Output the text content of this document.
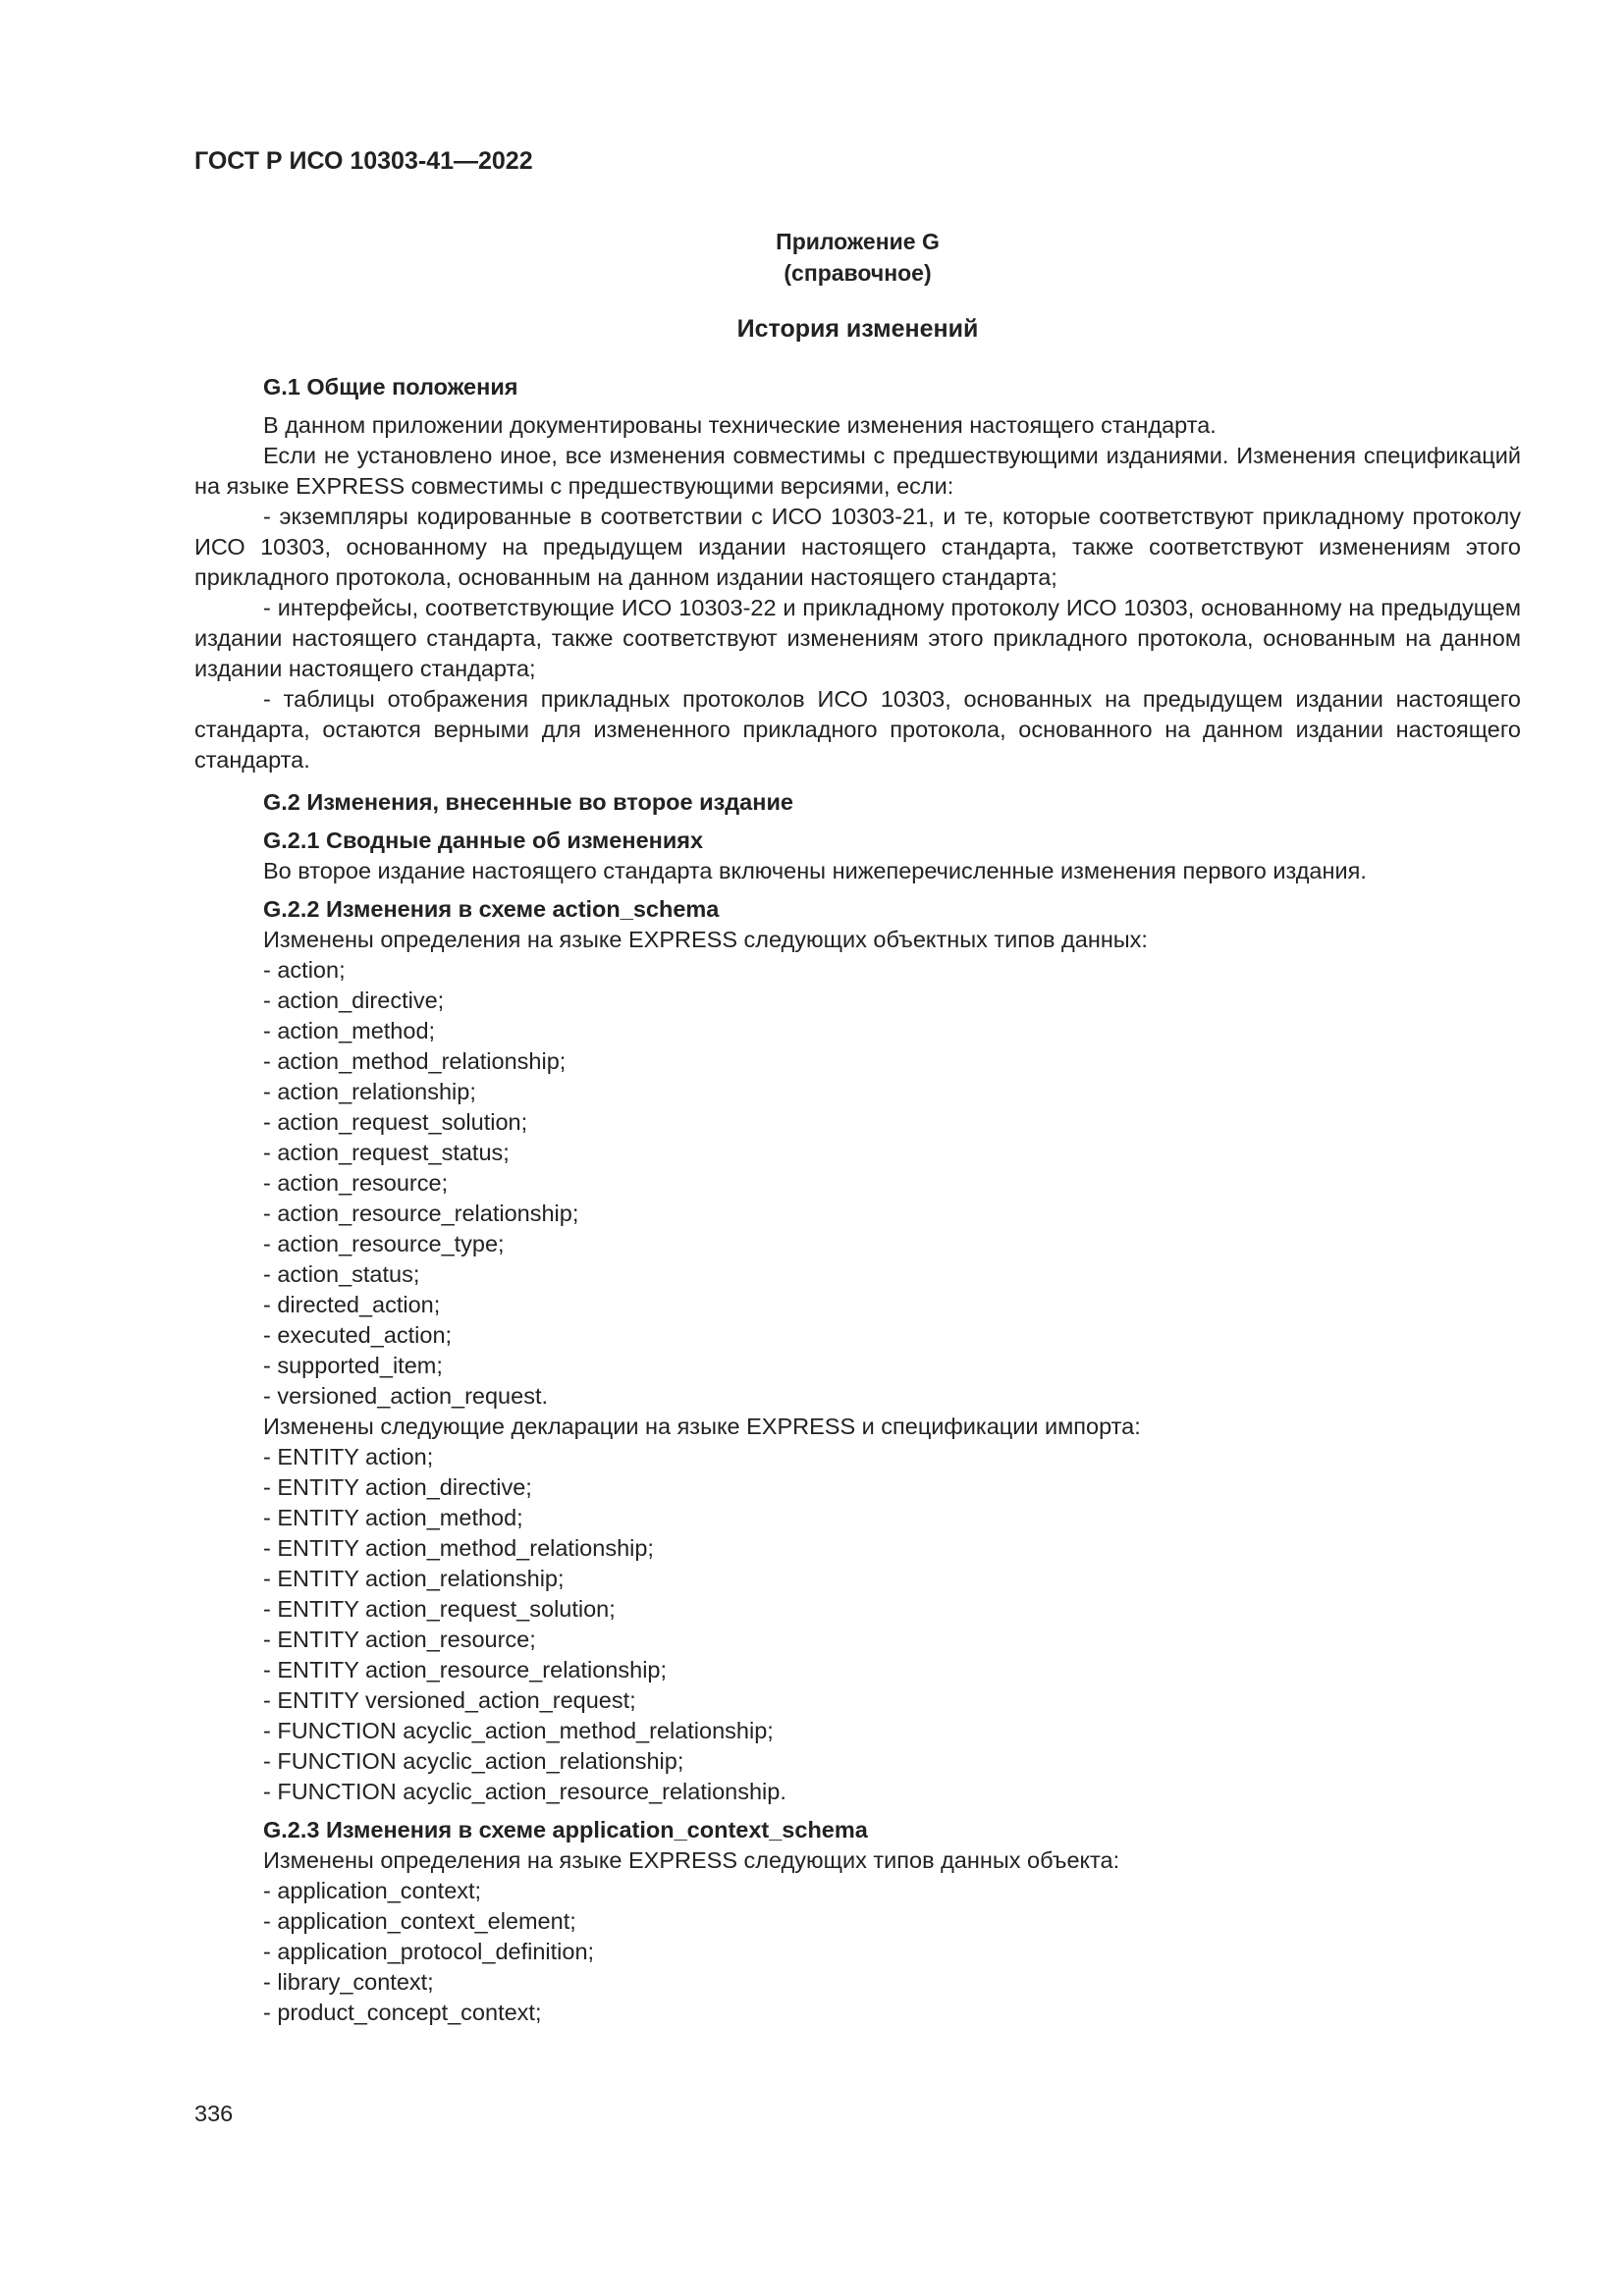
ГОСТ Р ИСО 10303-41—2022

Приложение G

(справочное)

История изменений

G.1 Общие положения

В данном приложении документированы технические изменения настоящего стандарта.

Если не установлено иное, все изменения совместимы с предшествующими изданиями. Изменения спецификаций на языке EXPRESS совместимы с предшествующими версиями, если:

- экземпляры кодированные в соответствии с ИСО 10303-21, и те, которые соответствуют прикладному протоколу ИСО 10303, основанному на предыдущем издании настоящего стандарта, также соответствуют изменениям этого прикладного протокола, основанным на данном издании настоящего стандарта;

- интерфейсы, соответствующие ИСО 10303-22 и прикладному протоколу ИСО 10303, основанному на предыдущем издании настоящего стандарта, также соответствуют изменениям этого прикладного протокола, основанным на данном издании настоящего стандарта;

- таблицы отображения прикладных протоколов ИСО 10303, основанных на предыдущем издании настоящего стандарта, остаются верными для измененного прикладного протокола, основанного на данном издании настоящего стандарта.

G.2 Изменения, внесенные во второе издание
G.2.1 Сводные данные об изменениях

Во второе издание настоящего стандарта включены нижеперечисленные изменения первого издания.

G.2.2 Изменения в схеме action_schema

Изменены определения на языке EXPRESS следующих объектных типов данных:

- action;
- action_directive;
- action_method;
- action_method_relationship;
- action_relationship;
- action_request_solution;
- action_request_status;
- action_resource;
- action_resource_relationship;
- action_resource_type;
- action_status;
- directed_action;
- executed_action;
- supported_item;
- versioned_action_request.

Изменены следующие декларации на языке EXPRESS и спецификации импорта:

- ENTITY action;
- ENTITY action_directive;
- ENTITY action_method;
- ENTITY action_method_relationship;
- ENTITY action_relationship;
- ENTITY action_request_solution;
- ENTITY action_resource;
- ENTITY action_resource_relationship;
- ENTITY versioned_action_request;
- FUNCTION acyclic_action_method_relationship;
- FUNCTION acyclic_action_relationship;
- FUNCTION acyclic_action_resource_relationship.
G.2.3 Изменения в схеме application_context_schema

Изменены определения на языке EXPRESS следующих типов данных объекта:

- application_context;
- application_context_element;
- application_protocol_definition;
- library_context;
- product_concept_context;
336
